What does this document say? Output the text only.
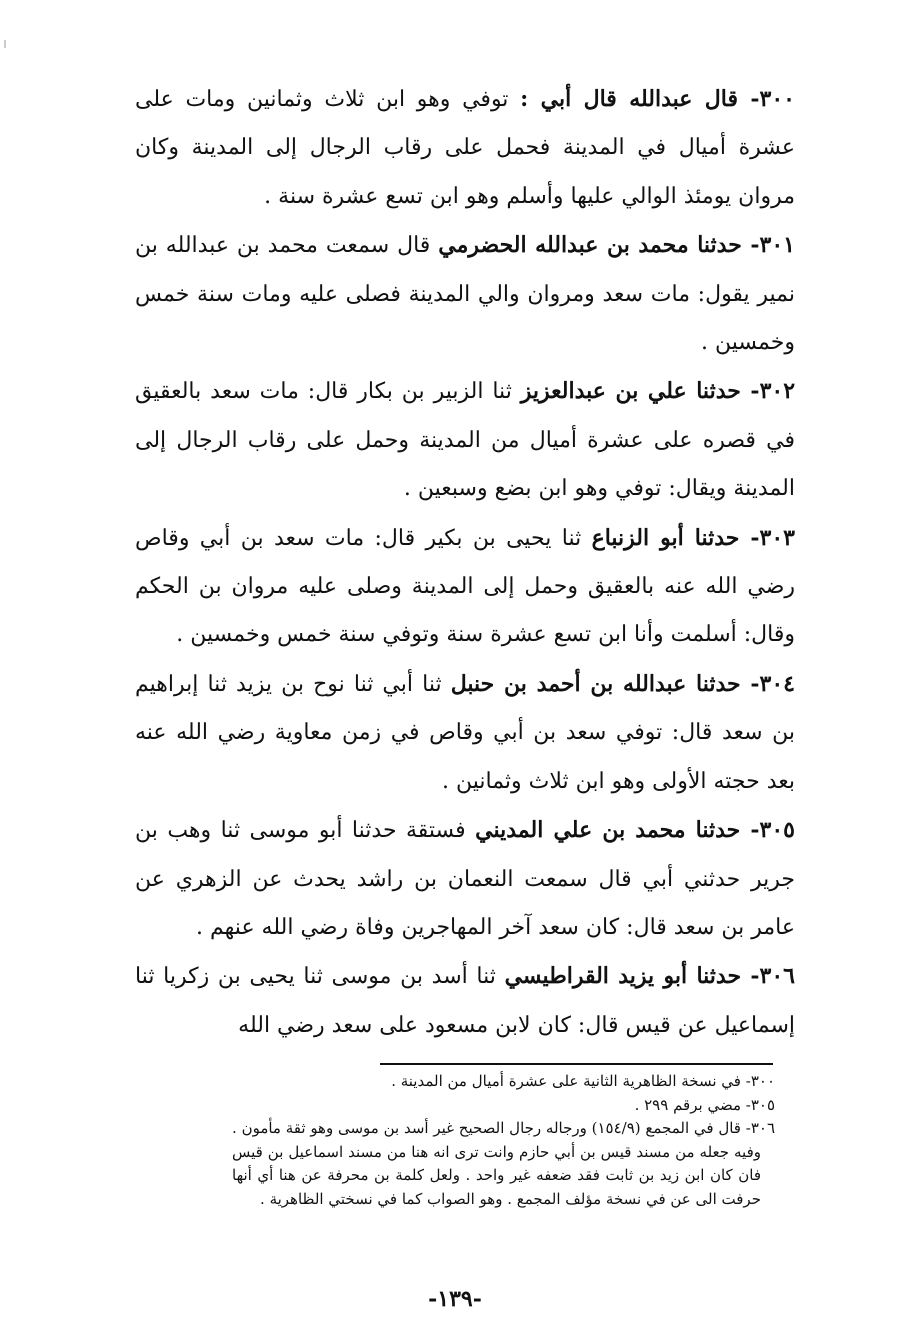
٣٠٠- قال عبدالله قال أبي : توفي وهو ابن ثلاث وثمانين ومات على عشرة أميال في المدينة فحمل على رقاب الرجال إلى المدينة وكان مروان يومئذ الوالي عليها وأسلم وهو ابن تسع عشرة سنة .

٣٠١- حدثنا محمد بن عبدالله الحضرمي قال سمعت محمد بن عبدالله بن نمير يقول: مات سعد ومروان والي المدينة فصلى عليه ومات سنة خمس وخمسين .

٣٠٢- حدثنا علي بن عبدالعزيز ثنا الزبير بن بكار قال: مات سعد بالعقيق في قصره على عشرة أميال من المدينة وحمل على رقاب الرجال إلى المدينة ويقال: توفي وهو ابن بضع وسبعين .

٣٠٣- حدثنا أبو الزنباع ثنا يحيى بن بكير قال: مات سعد بن أبي وقاص رضي الله عنه بالعقيق وحمل إلى المدينة وصلى عليه مروان بن الحكم وقال: أسلمت وأنا ابن تسع عشرة سنة وتوفي سنة خمس وخمسين .

٣٠٤- حدثنا عبدالله بن أحمد بن حنبل ثنا أبي ثنا نوح بن يزيد ثنا إبراهيم بن سعد قال: توفي سعد بن أبي وقاص في زمن معاوية رضي الله عنه بعد حجته الأولى وهو ابن ثلاث وثمانين .

٣٠٥- حدثنا محمد بن علي المديني فستقة حدثنا أبو موسى ثنا وهب بن جرير حدثني أبي قال سمعت النعمان بن راشد يحدث عن الزهري عن عامر بن سعد قال: كان سعد آخر المهاجرين وفاة رضي الله عنهم .

٣٠٦- حدثنا أبو يزيد القراطيسي ثنا أسد بن موسى ثنا يحيى بن زكريا ثنا إسماعيل عن قيس قال: كان لابن مسعود على سعد رضي الله

٣٠٠- في نسخة الظاهرية الثانية على عشرة أميال من المدينة .

٣٠٥- مضي برقم ٢٩٩ .

٣٠٦- قال في المجمع (١٥٤/٩) ورجاله رجال الصحيح غير أسد بن موسى وهو ثقة مأمون .

وفيه جعله من مسند قيس بن أبي حازم وانت ترى انه هنا من مسند اسماعيل بن قيس فان كان ابن زيد بن ثابت فقد ضعفه غير واحد . ولعل كلمة بن محرفة عن هنا أي أنها حرفت الى عن في نسخة مؤلف المجمع . وهو الصواب كما في نسختي الظاهرية .

-١٣٩-
